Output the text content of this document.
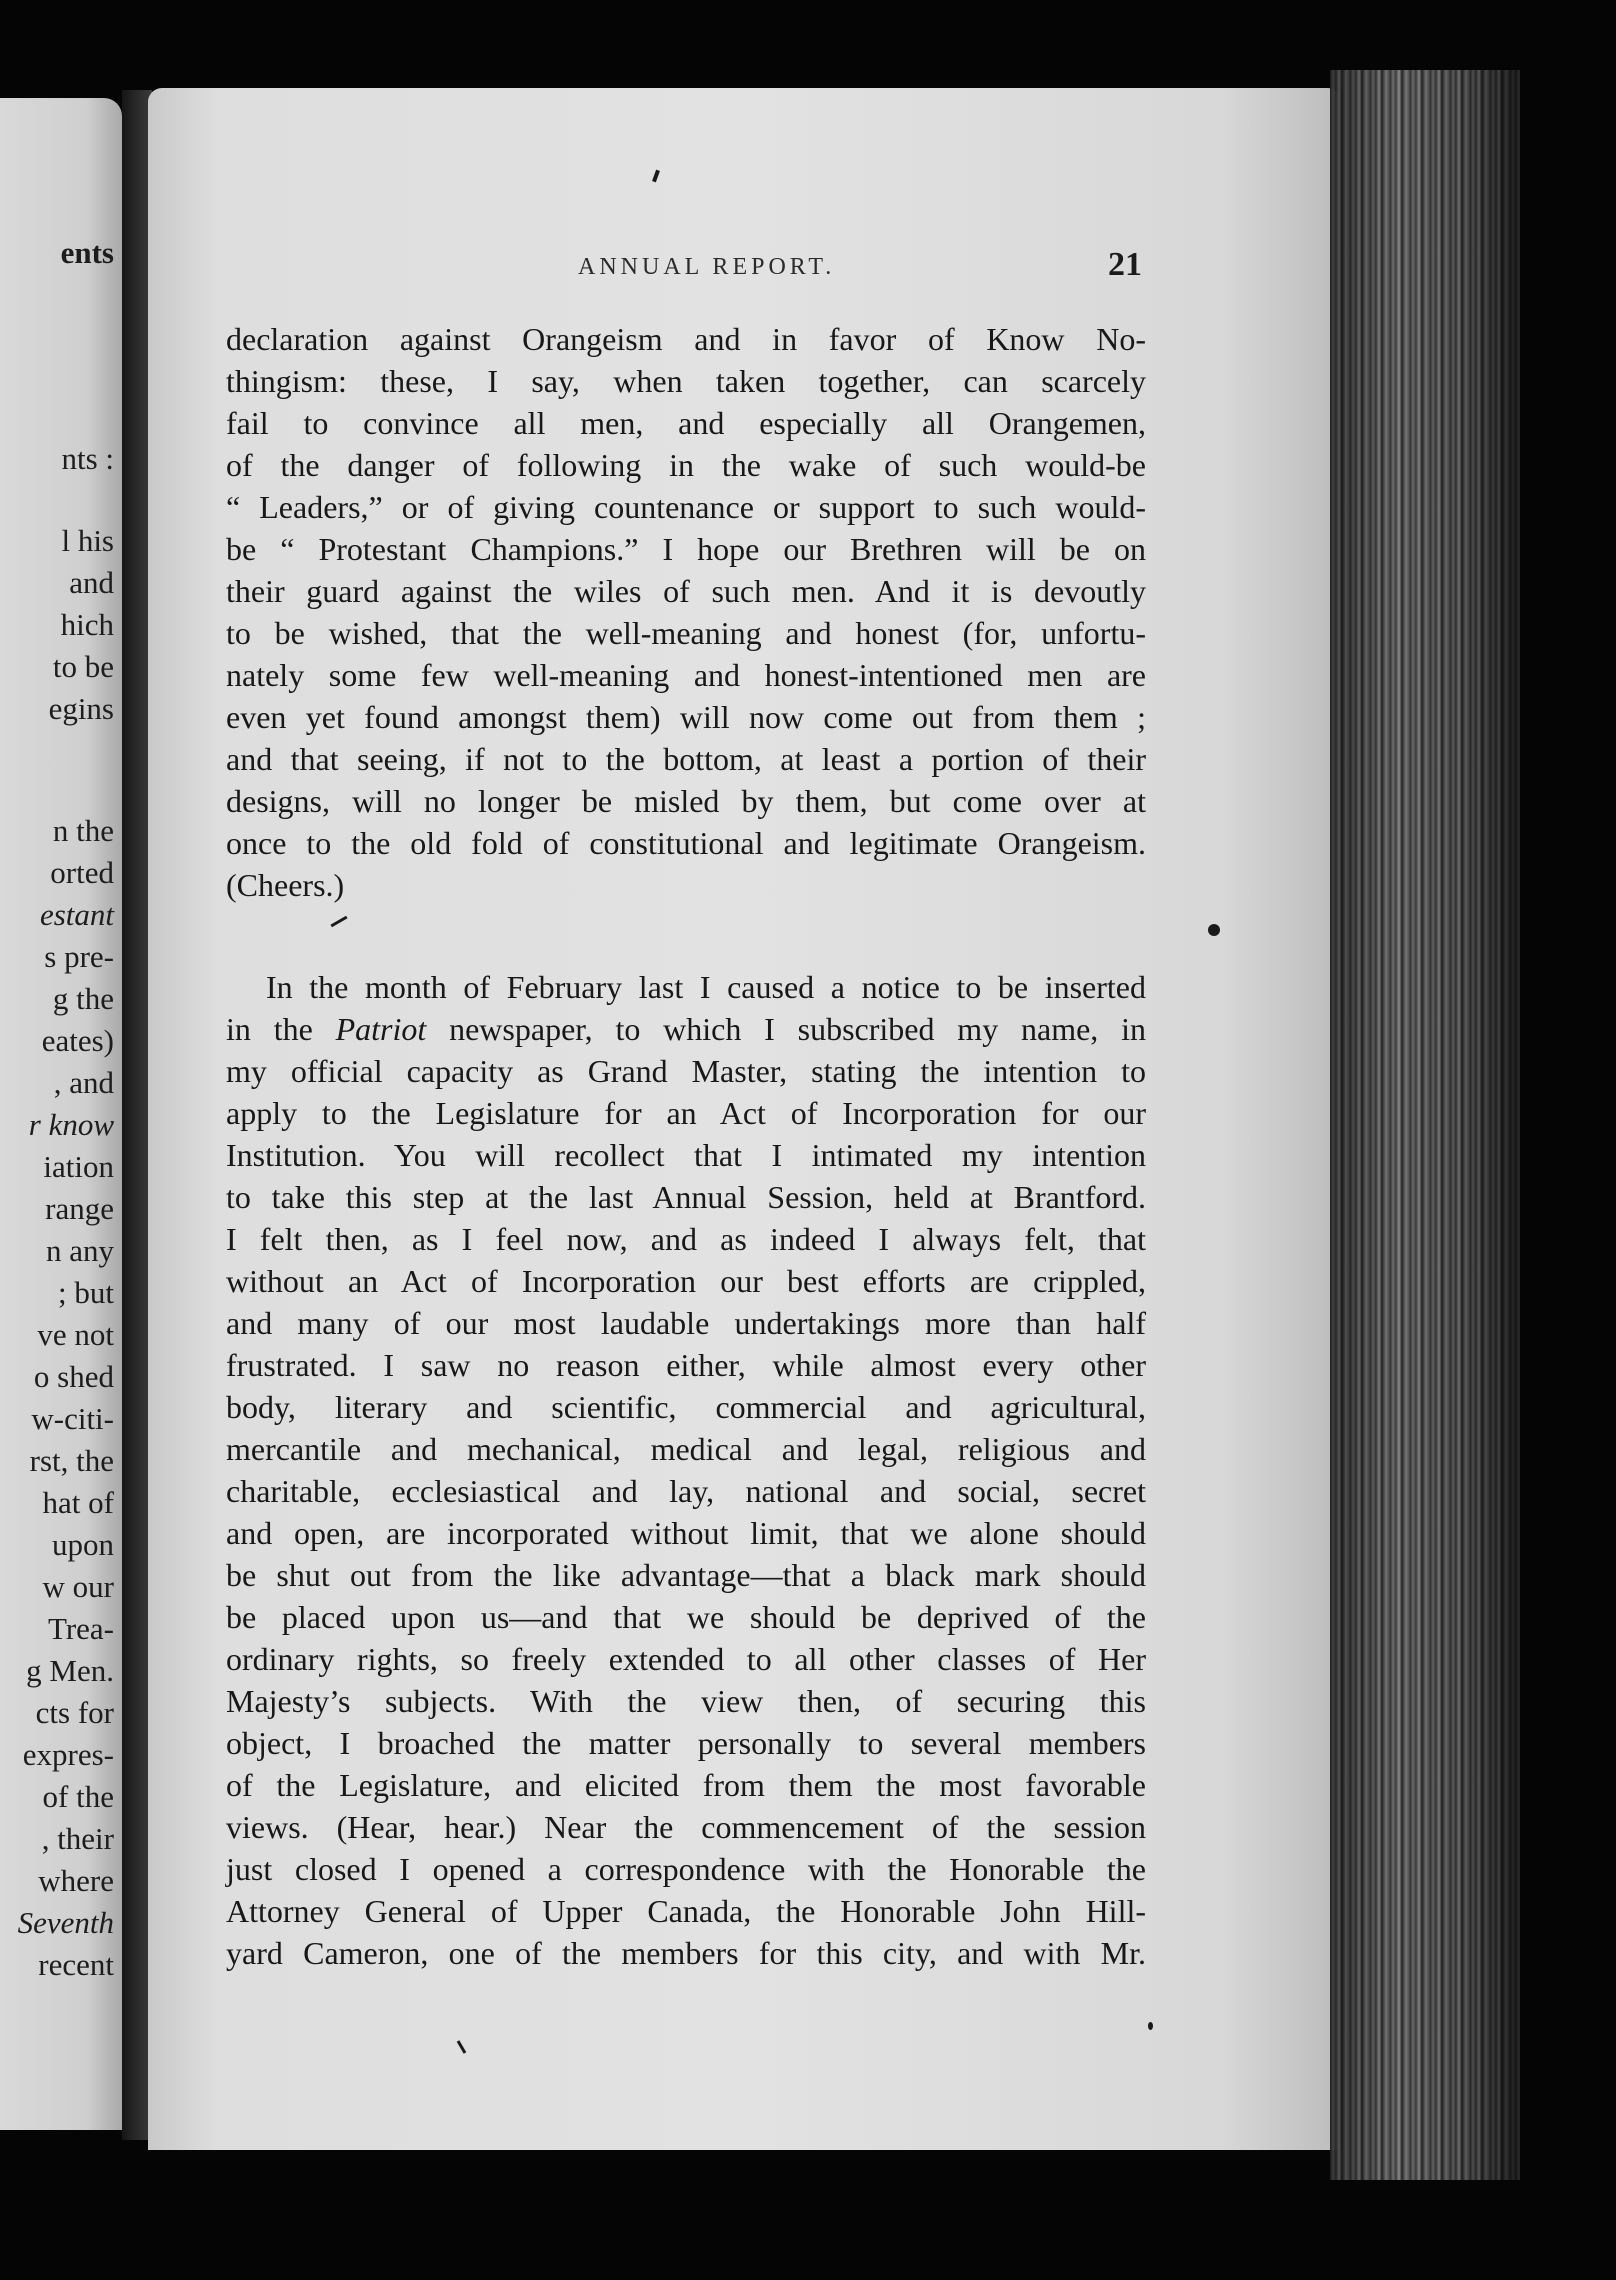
ents
nts :
l his
and
hich
to be
egins
n the
orted
estant
s pre-
g the
eates)
, and
r know
iation
range
n any
; but
ve not
o shed
w-citi-
rst, the
hat of
upon
w our
Trea-
g Men.
cts for
expres-
of the
, their
where
Seventh
recent
ANNUAL REPORT.	21
declaration against Orangeism and in favor of Know No-
thingism: these, I say, when taken together, can scarcely
fail to convince all men, and especially all Orangemen,
of the danger of following in the wake of such would-be
“ Leaders,” or of giving countenance or support to such would-
be “ Protestant Champions.” I hope our Brethren will be on
their guard against the wiles of such men. And it is devoutly
to be wished, that the well-meaning and honest (for, unfortu-
nately some few well-meaning and honest-intentioned men are
even yet found amongst them) will now come out from them ;
and that seeing, if not to the bottom, at least a portion of their
designs, will no longer be misled by them, but come over at
once to the old fold of constitutional and legitimate Orangeism.
(Cheers.)
In the month of February last I caused a notice to be inserted
in the Patriot newspaper, to which I subscribed my name, in
my official capacity as Grand Master, stating the intention to
apply to the Legislature for an Act of Incorporation for our
Institution. You will recollect that I intimated my intention
to take this step at the last Annual Session, held at Brantford.
I felt then, as I feel now, and as indeed I always felt, that
without an Act of Incorporation our best efforts are crippled,
and many of our most laudable undertakings more than half
frustrated. I saw no reason either, while almost every other
body, literary and scientific, commercial and agricultural,
mercantile and mechanical, medical and legal, religious and
charitable, ecclesiastical and lay, national and social, secret
and open, are incorporated without limit, that we alone should
be shut out from the like advantage—that a black mark should
be placed upon us—and that we should be deprived of the
ordinary rights, so freely extended to all other classes of Her
Majesty’s subjects. With the view then, of securing this
object, I broached the matter personally to several members
of the Legislature, and elicited from them the most favorable
views. (Hear, hear.) Near the commencement of the session
just closed I opened a correspondence with the Honorable the
Attorney General of Upper Canada, the Honorable John Hill-
yard Cameron, one of the members for this city, and with Mr.
